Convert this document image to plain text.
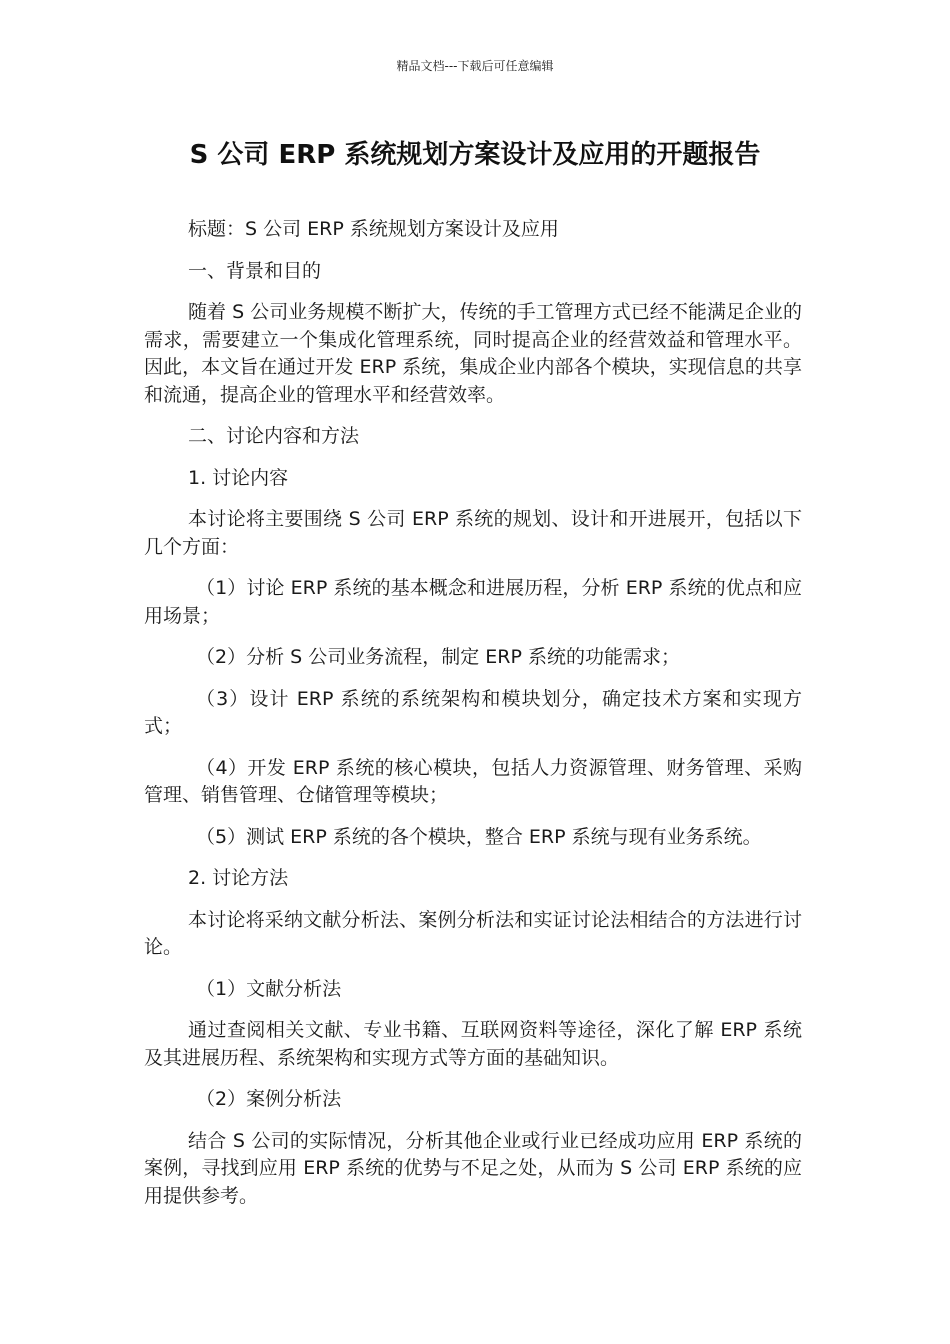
精品文档---下载后可任意编辑
S 公司 ERP 系统规划方案设计及应用的开题报告

标题：S 公司 ERP 系统规划方案设计及应用

一、背景和目的

随着 S 公司业务规模不断扩大，传统的手工管理方式已经不能满足企业的需求，需要建立一个集成化管理系统，同时提高企业的经营效益和管理水平。因此，本文旨在通过开发 ERP 系统，集成企业内部各个模块，实现信息的共享和流通，提高企业的管理水平和经营效率。

二、讨论内容和方法

1. 讨论内容

本讨论将主要围绕 S 公司 ERP 系统的规划、设计和开进展开，包括以下几个方面：

（1）讨论 ERP 系统的基本概念和进展历程，分析 ERP 系统的优点和应用场景；

（2）分析 S 公司业务流程，制定 ERP 系统的功能需求；

（3）设计 ERP 系统的系统架构和模块划分，确定技术方案和实现方式；

（4）开发 ERP 系统的核心模块，包括人力资源管理、财务管理、采购管理、销售管理、仓储管理等模块；

（5）测试 ERP 系统的各个模块，整合 ERP 系统与现有业务系统。

2. 讨论方法

本讨论将采纳文献分析法、案例分析法和实证讨论法相结合的方法进行讨论。

（1）文献分析法

通过查阅相关文献、专业书籍、互联网资料等途径，深化了解 ERP 系统及其进展历程、系统架构和实现方式等方面的基础知识。

（2）案例分析法

结合 S 公司的实际情况，分析其他企业或行业已经成功应用 ERP 系统的案例，寻找到应用 ERP 系统的优势与不足之处，从而为 S 公司 ERP 系统的应用提供参考。
